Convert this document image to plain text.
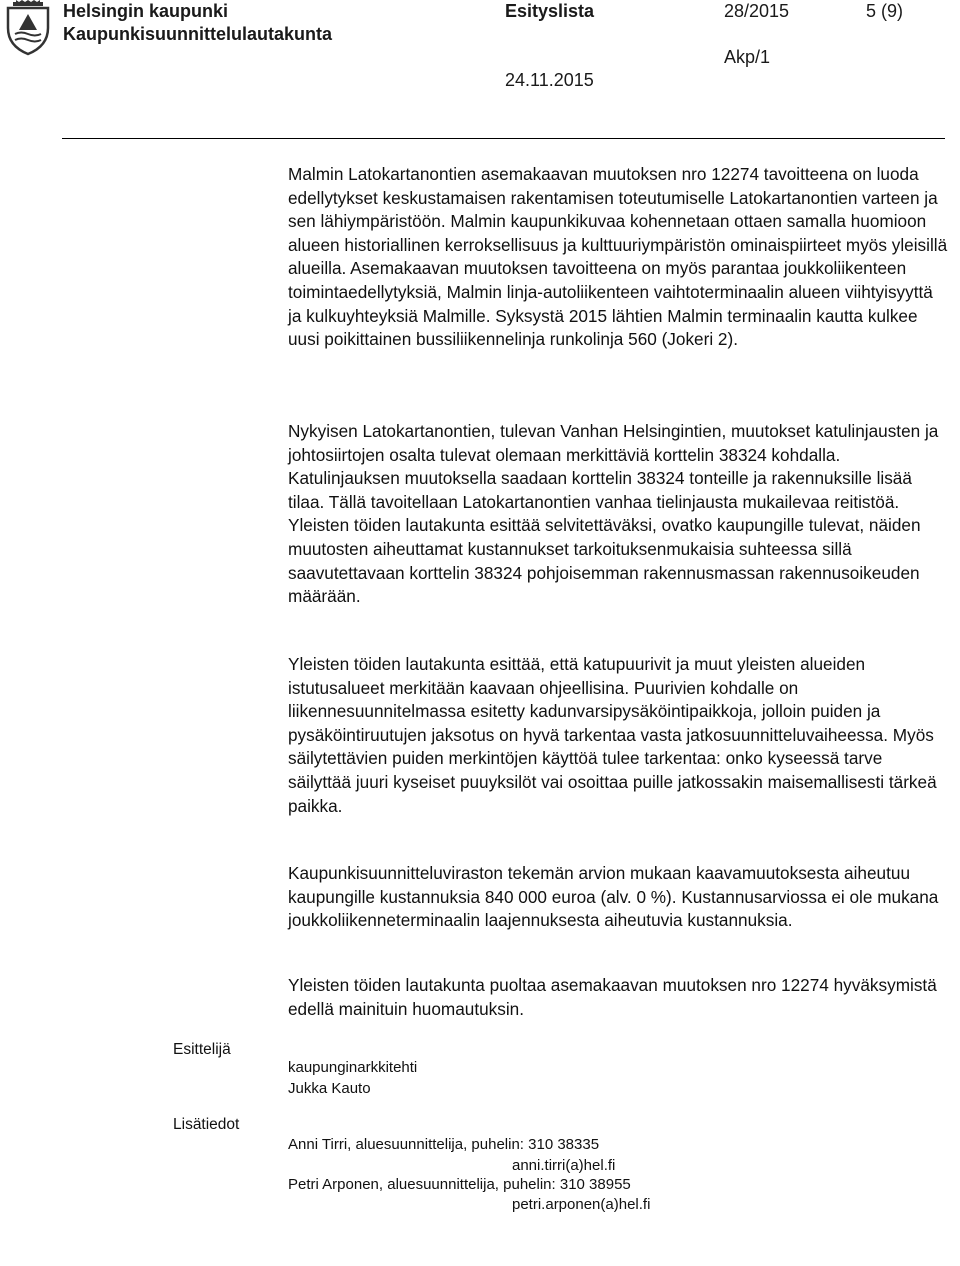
Helsingin kaupunki
Kaupunkisuunnittelulautakunta
Esityslista	28/2015	5 (9)
Akp/1
24.11.2015

Malmin Latokartanontien asemakaavan muutoksen nro 12274 tavoitteena on luoda edellytykset keskustamaisen rakentamisen toteutumiselle Latokartanontien varteen ja sen lähiympäristöön. Malmin kaupunkikuvaa kohennetaan ottaen samalla huomioon alueen historiallinen kerroksellisuus ja kulttuuriympäristön ominaispiirteet myös yleisillä alueilla. Asemakaavan muutoksen tavoitteena on myös parantaa joukkoliikenteen toimintaedellytyksiä, Malmin linja-autoliikenteen vaihtoterminaalin alueen viihtyisyyttä ja kulkuyhteyksiä Malmille. Syksystä 2015 lähtien Malmin terminaalin kautta kulkee uusi poikittainen bussiliikennelinja runkolinja 560 (Jokeri 2).

Nykyisen Latokartanontien, tulevan Vanhan Helsingintien, muutokset katulinjausten ja johtosiirtojen osalta tulevat olemaan merkittäviä korttelin 38324 kohdalla. Katulinjauksen muutoksella saadaan korttelin 38324 tonteille ja rakennuksille lisää tilaa. Tällä tavoitellaan Latokartanontien vanhaa tielinjausta mukailevaa reitistöä. Yleisten töiden lautakunta esittää selvitettäväksi, ovatko kaupungille tulevat, näiden muutosten aiheuttamat kustannukset tarkoituksenmukaisia suhteessa sillä saavutettavaan korttelin 38324 pohjoisemman rakennusmassan rakennusoikeuden määrään.

Yleisten töiden lautakunta esittää, että katupuurivit ja muut yleisten alueiden istutusalueet merkitään kaavaan ohjeellisina. Puurivien kohdalle on liikennesuunnitelmassa esitetty kadunvarsipysäköintipaikkoja, jolloin puiden ja pysäköintiruutujen jaksotus on hyvä tarkentaa vasta jatkosuunnitteluvaiheessa. Myös säilytettävien puiden merkintöjen käyttöä tulee tarkentaa: onko kyseessä tarve säilyttää juuri kyseiset puuyksilöt vai osoittaa puille jatkossakin maisemallisesti tärkeä paikka.

Kaupunkisuunnitteluviraston tekemän arvion mukaan kaavamuutoksesta aiheutuu kaupungille kustannuksia 840 000 euroa (alv. 0 %). Kustannusarviossa ei ole mukana joukkoliikenneterminaalin laajennuksesta aiheutuvia kustannuksia.

Yleisten töiden lautakunta puoltaa asemakaavan muutoksen nro 12274 hyväksymistä edellä mainituin huomautuksin.

Esittelijä
kaupunginarkkitehti
Jukka Kauto
Lisätiedot
Anni Tirri, aluesuunnittelija, puhelin: 310 38335
anni.tirri(a)hel.fi
Petri Arponen, aluesuunnittelija, puhelin: 310 38955
petri.arponen(a)hel.fi
